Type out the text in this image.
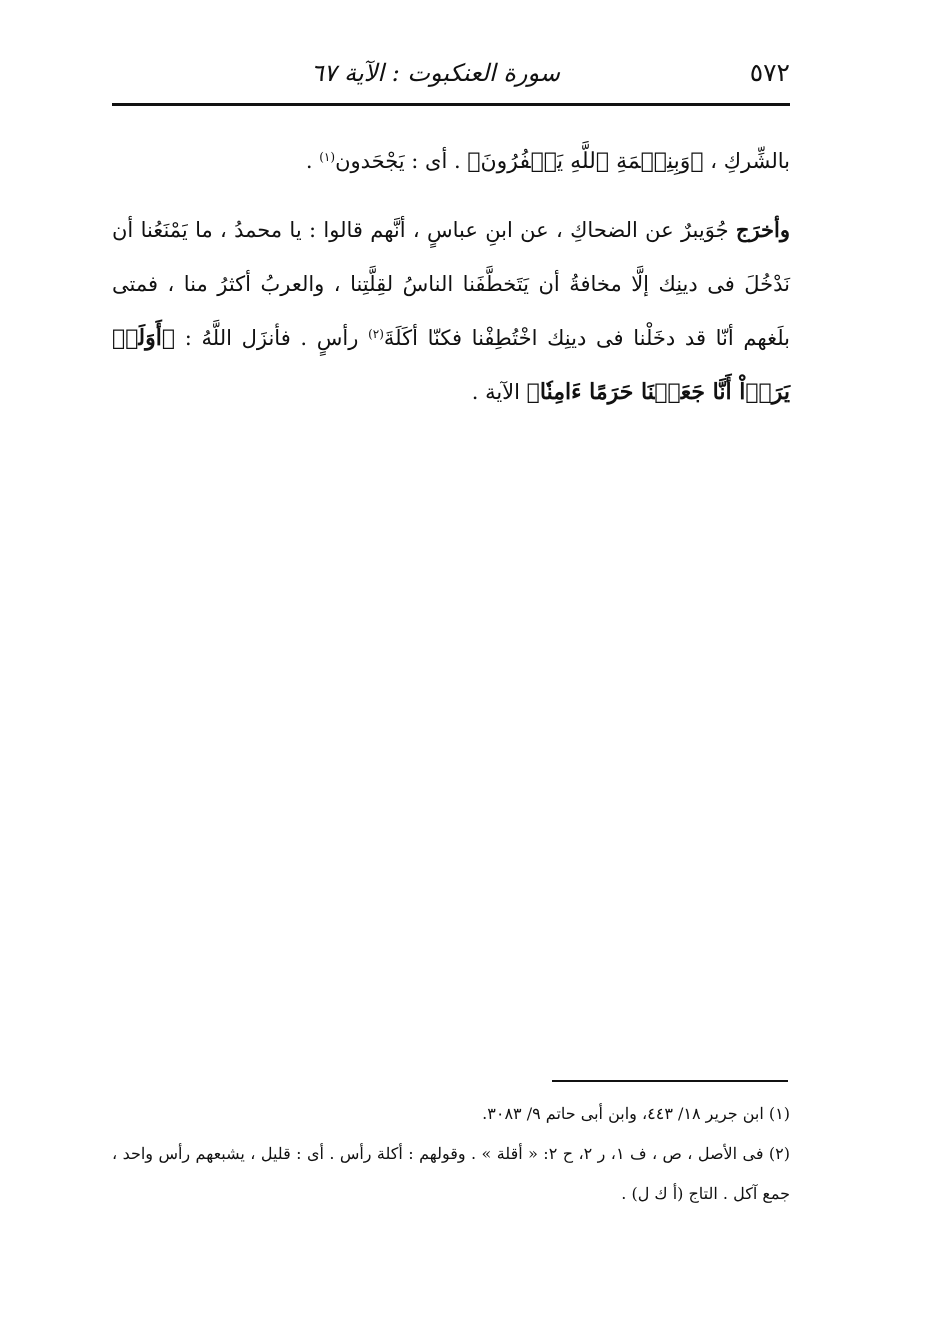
٥٧٢
سورة العنكبوت : الآية ٦٧

بالشِّركِ ، ﴿وَبِنِعۡمَةِ ٱللَّهِ يَكۡفُرُونَ﴾ . أى : يَجْحَدون$^{(١)}$ .

وأخرَج جُوَيبرٌ عن الضحاكِ ، عن ابنِ عباسٍ ، أنَّهم قالوا : يا محمدُ ، ما يَمْنَعُنا أن نَدْخُلَ فى دينِك إلَّا مخافةُ أن يَتَخطَّفَنا الناسُ لقِلَّتِنا ، والعربُ أكثرُ منا ، فمتى بلَغهم أنّا قد دخَلْنا فى دينِك اخْتُطِفْنا فكنّا أكَلَةَ$^{(٢)}$ رأسٍ . فأنزَل اللَّهُ : ﴿أَوَلَمۡ يَرَوۡاْ أَنَّا جَعَلۡنَا حَرَمًا ءَامِنٗا﴾ الآية .

(١) ابن جرير ١٨/ ٤٤٣، وابن أبى حاتم ٩/ ٣٠٨٣.

(٢) فى الأصل ، ص ، ف ١، ر ٢، ح ٢: « أقلة » . وقولهم : أكلة رأس . أى : قليل ، يشبعهم رأس واحد ، جمع آكل . التاج (أ ك ل) .
